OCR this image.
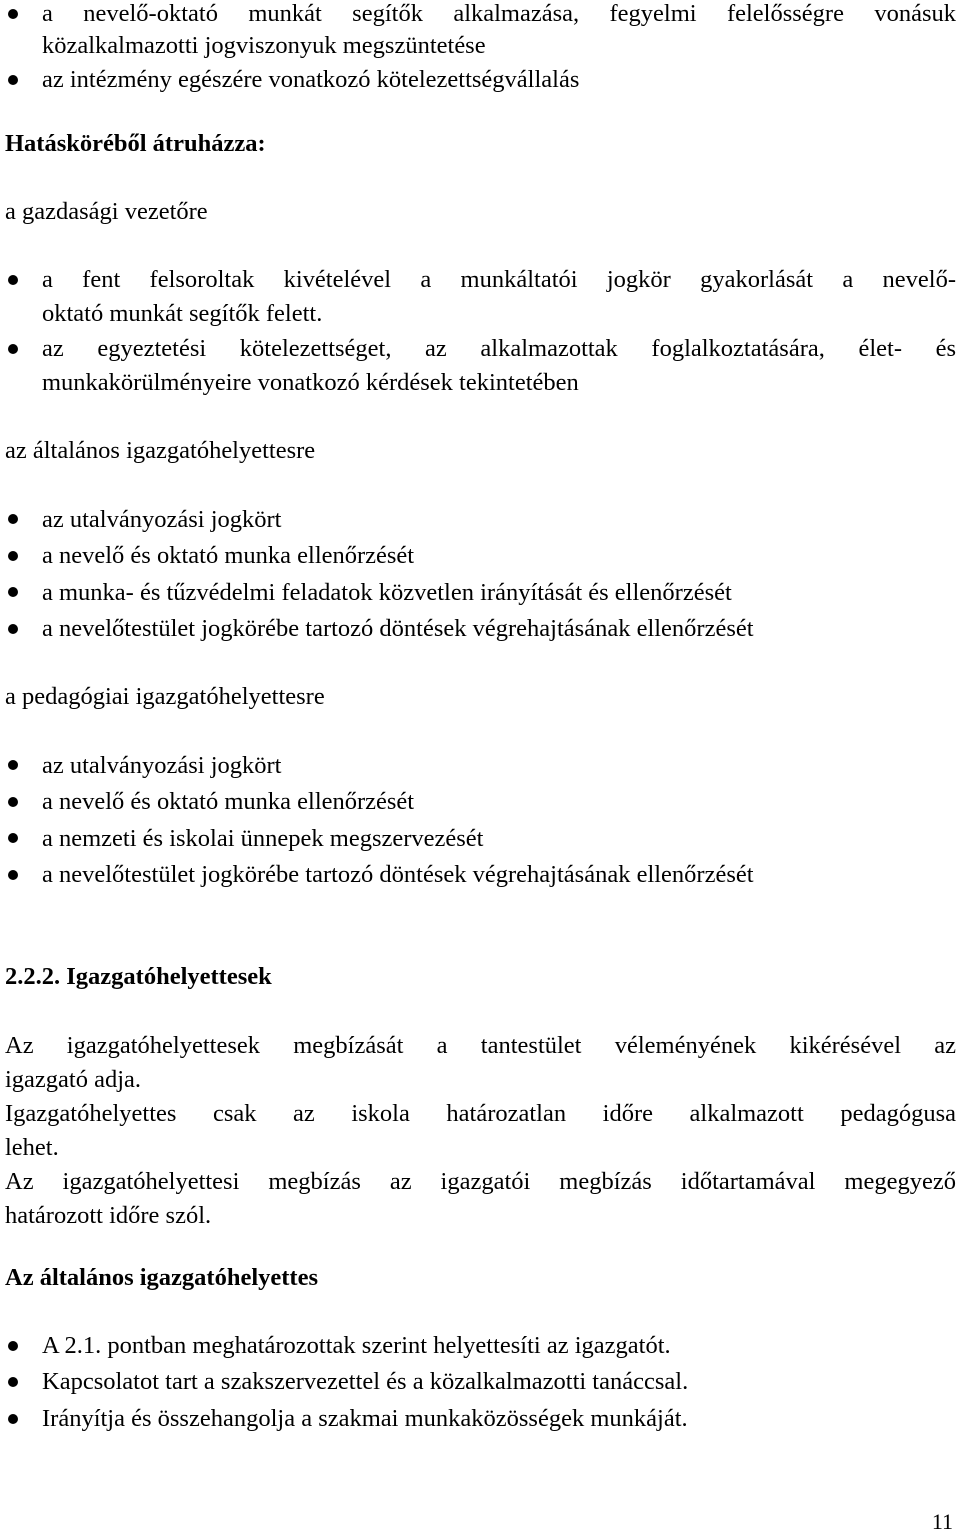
a nevelő-oktató munkát segítők alkalmazása, fegyelmi felelősségre vonásuk

közalkalmazotti jogviszonyuk megszüntetése

az intézmény egészére vonatkozó kötelezettségvállalás

Hatásköréből átruházza:

a gazdasági vezetőre

a fent felsoroltak kivételével a munkáltatói jogkör gyakorlását a nevelő-

oktató munkát segítők felett.

az egyeztetési kötelezettséget, az alkalmazottak foglalkoztatására, élet- és

munkakörülményeire vonatkozó kérdések tekintetében

az általános igazgatóhelyettesre

az utalványozási jogkört

a nevelő és oktató munka ellenőrzését

a munka- és tűzvédelmi feladatok közvetlen irányítását és ellenőrzését

a nevelőtestület jogkörébe tartozó döntések végrehajtásának ellenőrzését

a pedagógiai igazgatóhelyettesre

az utalványozási jogkört

a nevelő és oktató munka ellenőrzését

a nemzeti és iskolai ünnepek megszervezését

a nevelőtestület jogkörébe tartozó döntések végrehajtásának ellenőrzését

2.2.2. Igazgatóhelyettesek

Az igazgatóhelyettesek megbízását a tantestület véleményének kikérésével az

igazgató adja.

Igazgatóhelyettes csak az iskola határozatlan időre alkalmazott pedagógusa

lehet.

Az igazgatóhelyettesi megbízás az igazgatói megbízás időtartamával megegyező

határozott időre szól.

Az általános igazgatóhelyettes

A 2.1. pontban meghatározottak szerint helyettesíti az igazgatót.

Kapcsolatot tart a szakszervezettel és a közalkalmazotti tanáccsal.

Irányítja és összehangolja a szakmai munkaközösségek munkáját.

11
